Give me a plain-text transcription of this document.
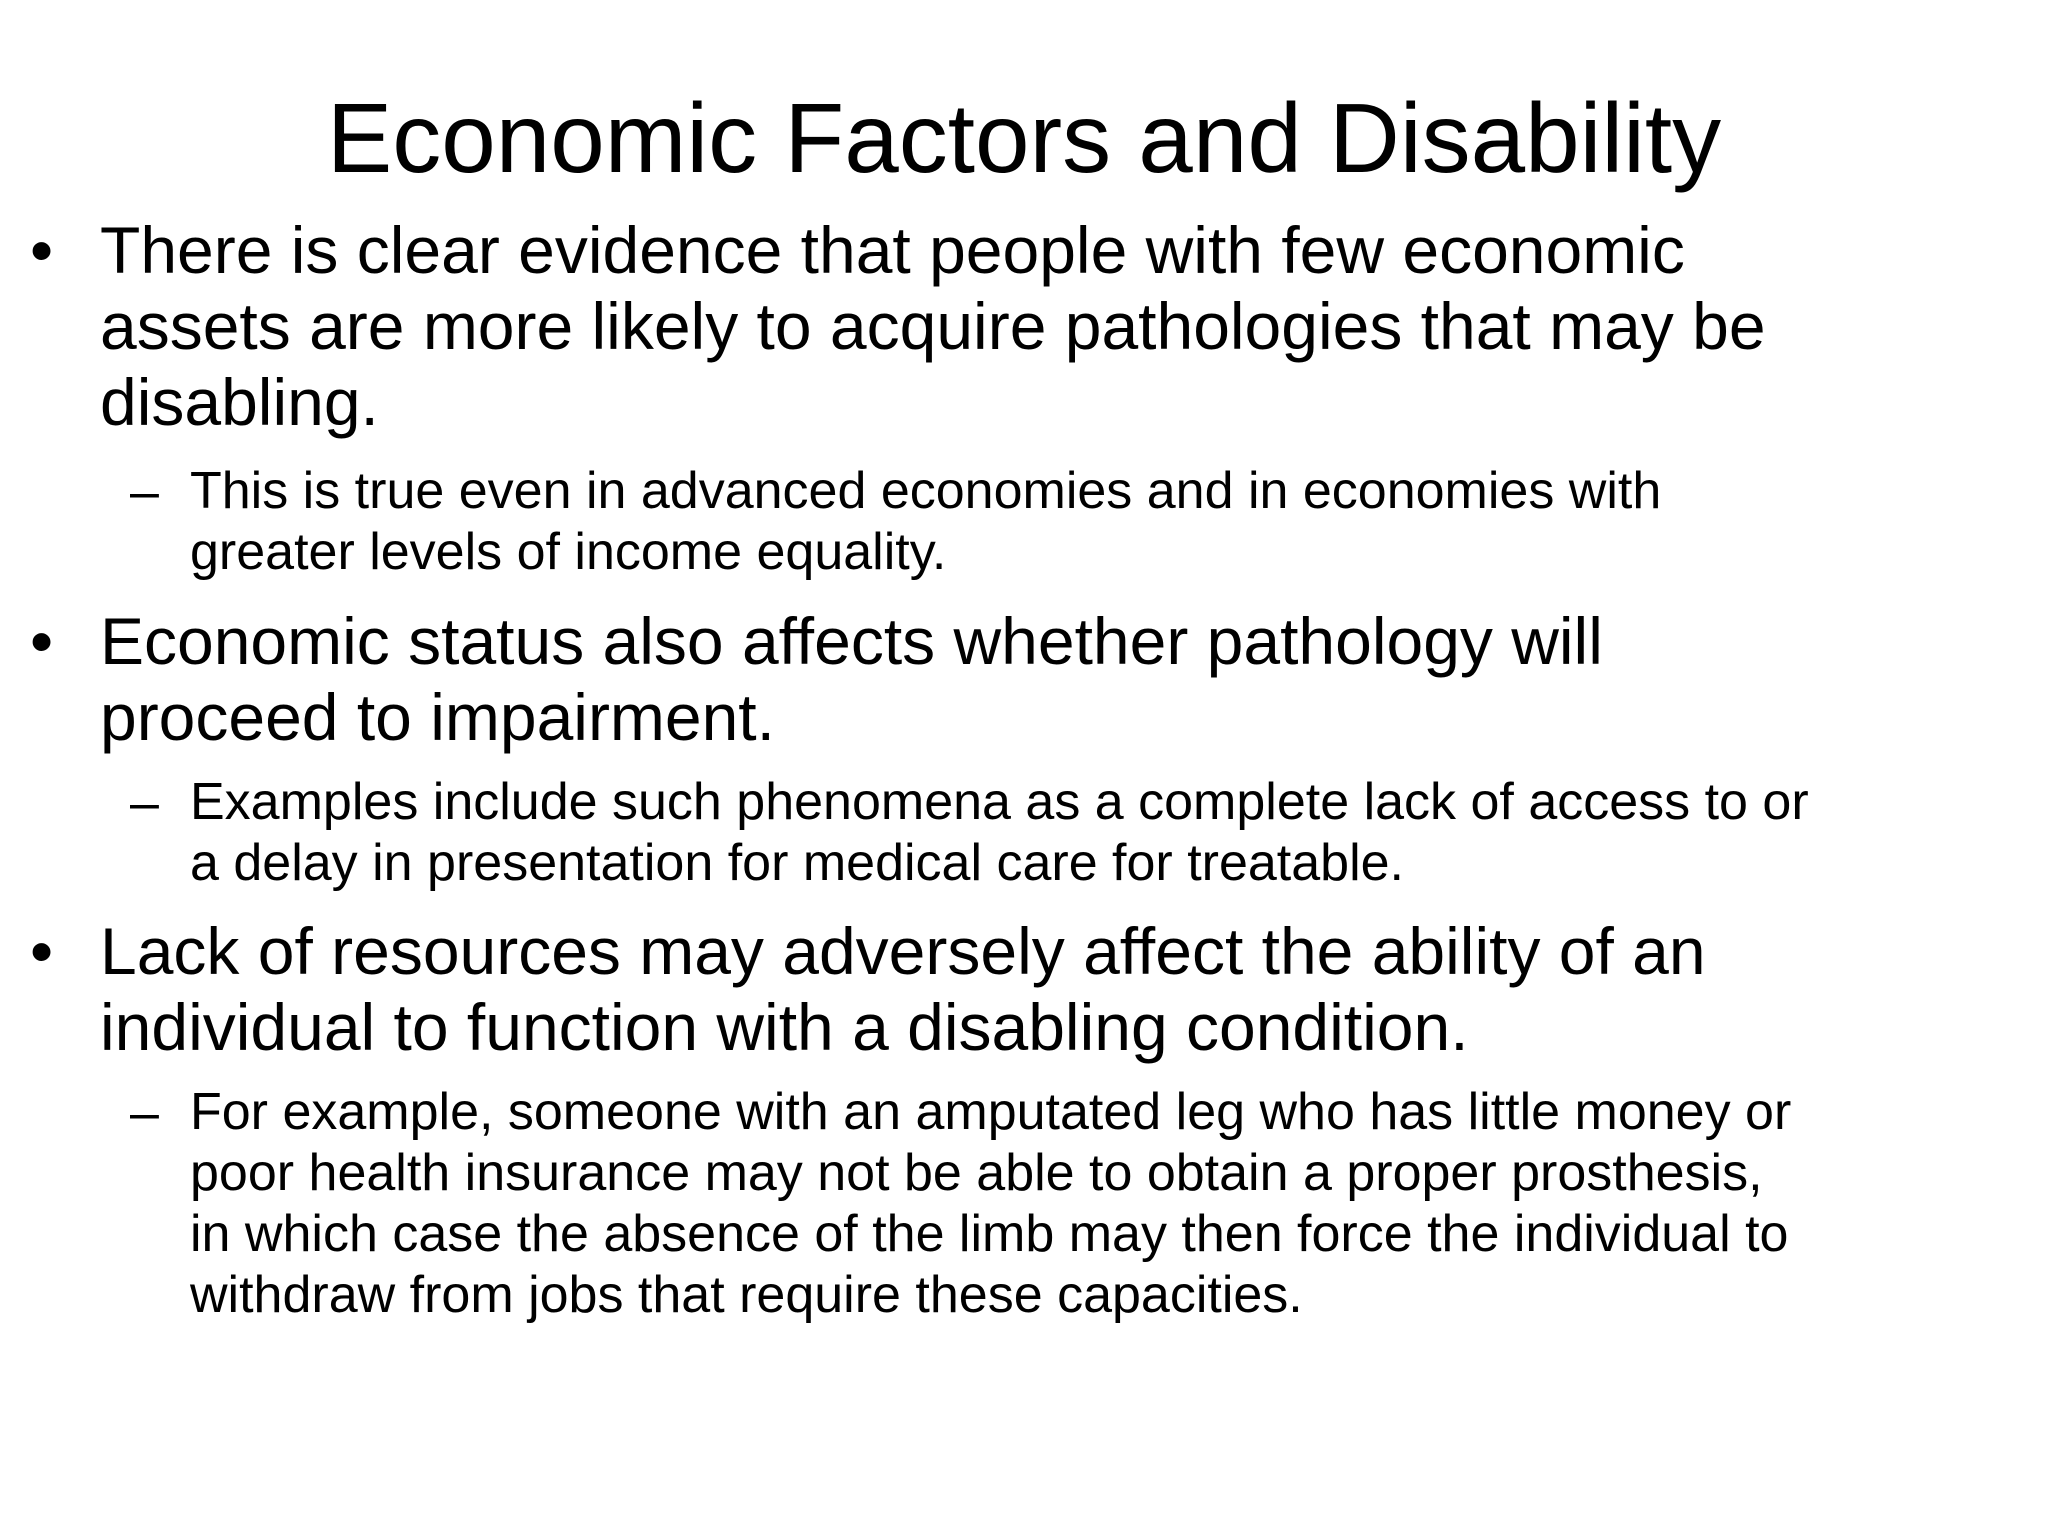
Economic Factors and Disability
• There is clear evidence that people with few economic
assets are more likely to acquire pathologies that may be
disabling.

– This is true even in advanced economies and in economies with
greater levels of income equality.

• Economic status also affects whether pathology will
proceed to impairment.

– Examples include such phenomena as a complete lack of access to or
a delay in presentation for medical care for treatable.

• Lack of resources may adversely affect the ability of an
individual to function with a disabling condition.

– For example, someone with an amputated leg who has little money or
poor health insurance may not be able to obtain a proper prosthesis,
in which case the absence of the limb may then force the individual to
withdraw from jobs that require these capacities.
